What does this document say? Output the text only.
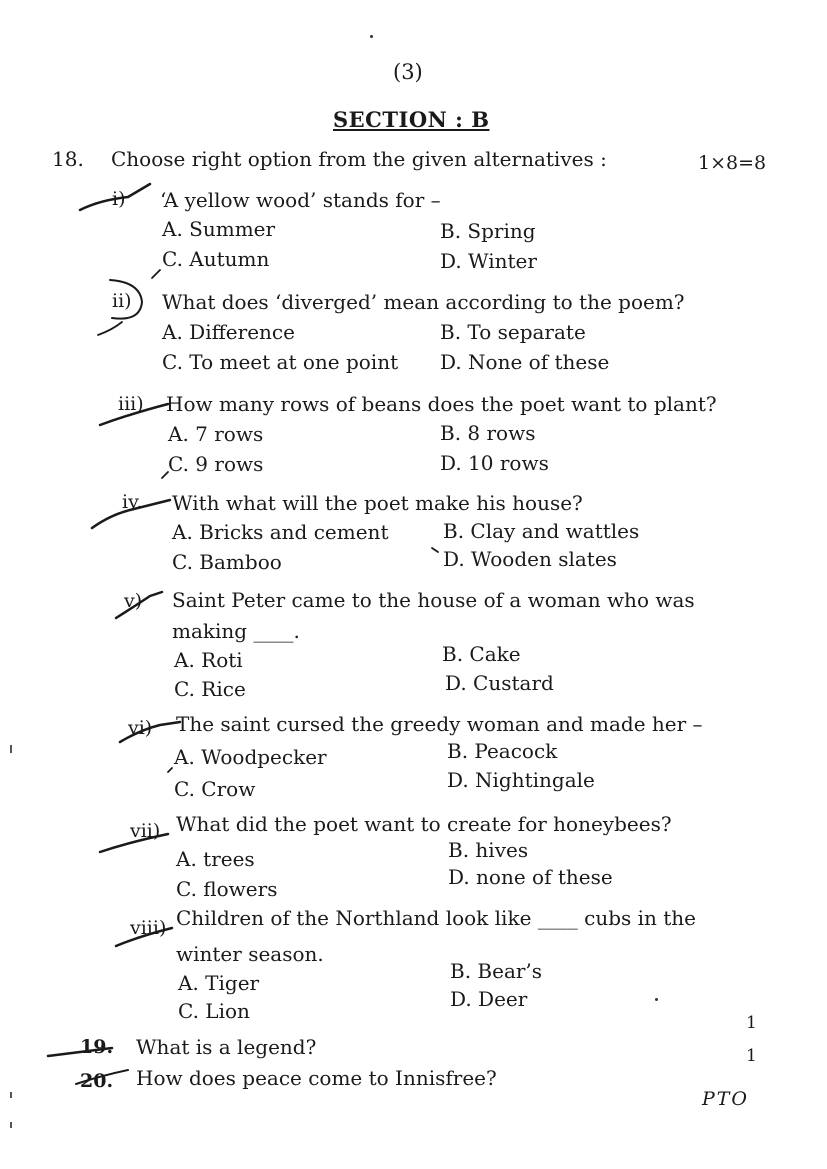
(3)
SECTION : B
18. Choose right option from the given alternatives :	1×8=8
i) ‘A yellow wood’ stands for –
A. Summer	B. Spring
C. Autumn	D. Winter
ii) What does ‘diverged’ mean according to the poem?
A. Difference	B. To separate
C. To meet at one point D. None of these
iii) How many rows of beans does the poet want to plant?
A. 7 rows	B. 8 rows
C. 9 rows	D. 10 rows
iv. With what will the poet make his house?
A. Bricks and cement	B. Clay and wattles
C. Bamboo	D. Wooden slates
v) Saint Peter came to the house of a woman who was
making ____.
A. Roti	B. Cake
C. Rice	D. Custard
vi) The saint cursed the greedy woman and made her –
A. Woodpecker	B. Peacock
C. Crow	D. Nightingale
vii) What did the poet want to create for honeybees?
A. trees	B. hives
C. flowers	D. none of these
viii) Children of the Northland look like ____ cubs in the
winter season.
A. Tiger	B. Bear’s
C. Lion	D. Deer
19. What is a legend?
1
20. How does peace come to Innisfree?
1
PTO
